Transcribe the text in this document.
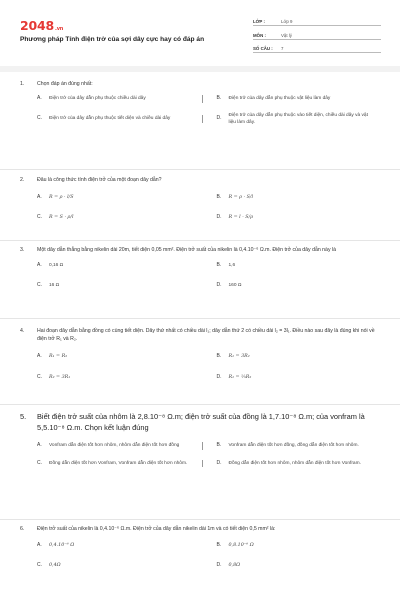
2048.vn
Phương pháp Tính điện trở của sợi dây cực hay có đáp án
LỚP :	Lớp 9
MÔN :	Vật lý
SỐ CÂU :	7
1.	Chọn đáp án đúng nhất:
A.	Điện trở của dây dẫn phụ thuộc chiều dài dây	B.	Điện trở của dây dẫn phụ thuộc vật liệu làm dây
C.	Điện trở của dây dẫn phụ thuộc tiết diện và chiều dài dây	D.
Điện trở của dây dẫn phụ thuộc vào tiết diện, chiều dài dây và vật liệu làm dây.
2.	Đâu là công thức tính điện trở của một đoạn dây dẫn?
A.	R = ρ · l/S	B.	R = ρ · S/l
C.	R = S · ρ/l	D.	R = l · S/ρ
3.	Một dây dẫn thẳng bằng nikelin dài 20m, tiết diện 0,05 mm². Điện trở suất của nikelin là 0,4.10⁻⁶ Ω.m. Điện trở của dây dẫn này là
A.	0,16 Ω	B.	1,6
C.	16 Ω	D.	160 Ω
4.	Hai đoạn dây dẫn bằng đồng có cùng tiết diện. Dây thứ nhất có chiều dài l₁; dây dẫn thứ 2 có chiều dài l₂ = 3l₁. Điều nào sau đây là đúng khi nói về điện trở R₁ và R₂.
A.	R₁ = R₂	B.	R₁ = 3R₂
C.	R₂ = 3R₁	D.	R₁ = ⅓R₂
5.	Biết điện trở suất của nhôm là 2,8.10⁻⁸ Ω.m; điện trở suất của đồng là 1,7.10⁻⁸ Ω.m; của vonfram là 5,5.10⁻⁸ Ω.m. Chọn kết luận đúng
A.	Vonfram dẫn điện tốt hơn nhôm, nhôm dẫn điện tốt hơn đồng	B.	Vonfram dẫn điện tốt hơn đồng, đồng dẫn điện tốt hơn nhôm.
C.	Đồng dẫn điện tốt hơn Vonfram, Vonfram dẫn điện tốt hơn nhôm.	D.	Đồng dẫn điện tốt hơn nhôm, nhôm dẫn điện tốt hơn Vonfram.
6.	Điện trở suất của nikelin là 0,4.10⁻⁶ Ω.m. Điện trở của dây dẫn nikelin dài 1m và có tiết diện 0,5 mm² là:
A.	0,4.10⁻⁶ Ω	B.	0,8.10⁻⁶ Ω
C.	0,4Ω	D.	0,8Ω
